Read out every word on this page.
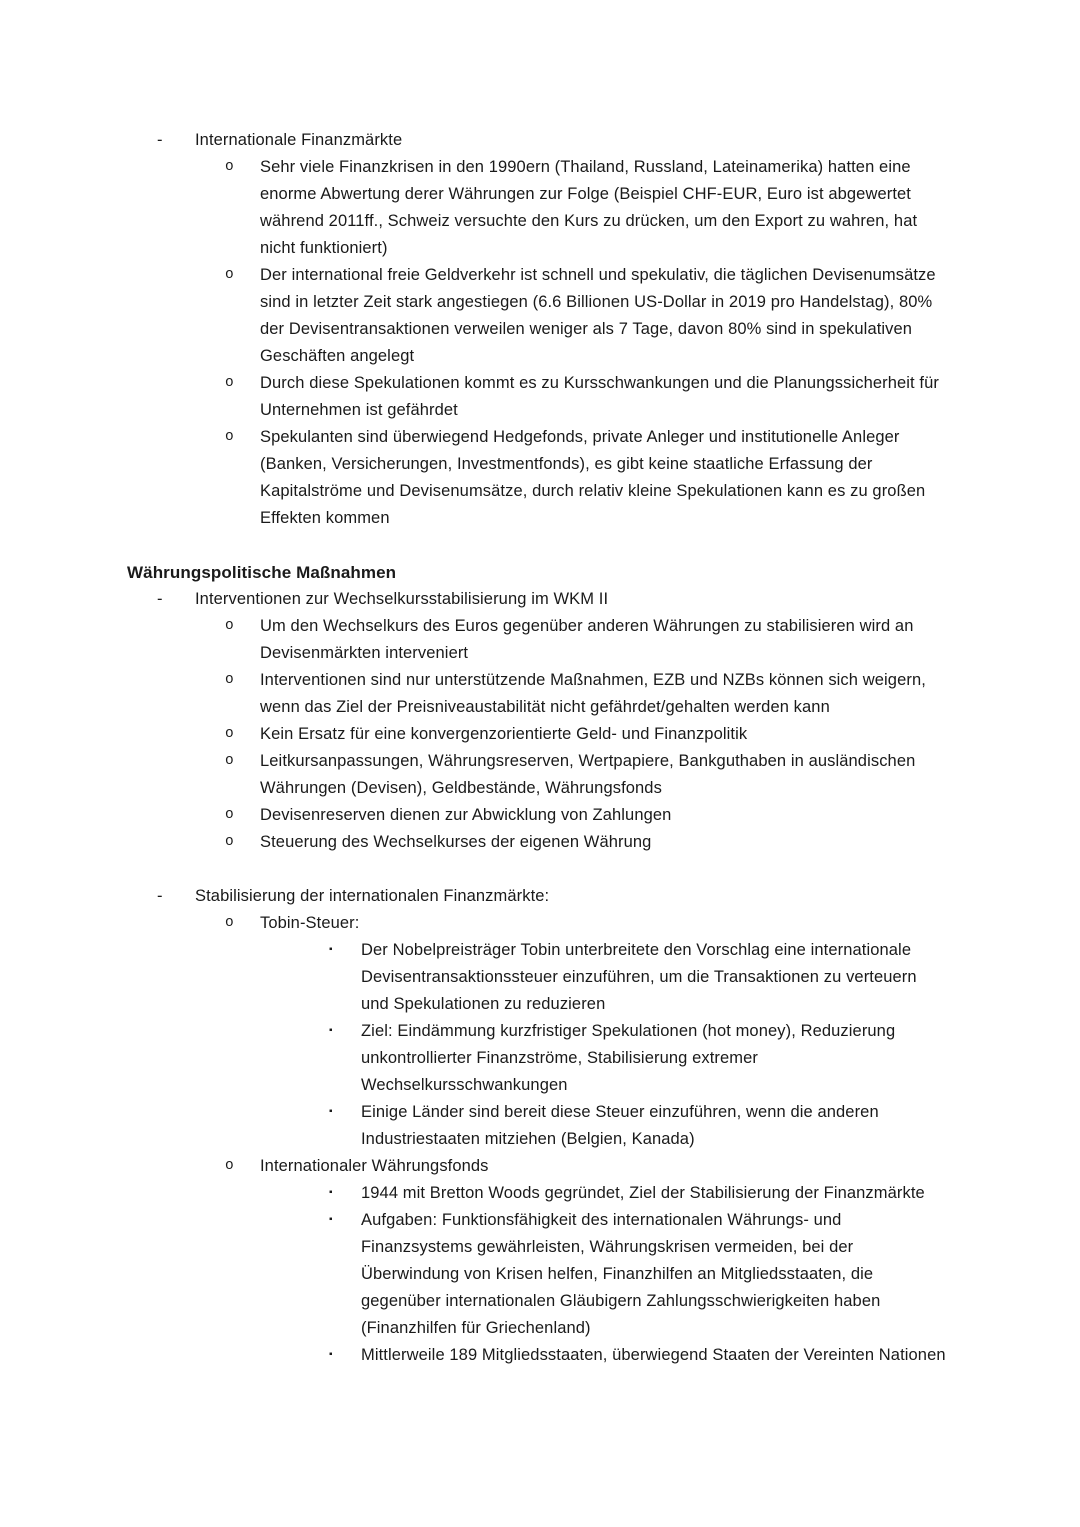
- Internationale Finanzmärkte
o Sehr viele Finanzkrisen in den 1990ern (Thailand, Russland, Lateinamerika) hatten eine enorme Abwertung derer Währungen zur Folge (Beispiel CHF-EUR, Euro ist abgewertet während 2011ff., Schweiz versuchte den Kurs zu drücken, um den Export zu wahren, hat nicht funktioniert)
o Der international freie Geldverkehr ist schnell und spekulativ, die täglichen Devisenumsätze sind in letzter Zeit stark angestiegen (6.6 Billionen US-Dollar in 2019 pro Handelstag), 80% der Devisentransaktionen verweilen weniger als 7 Tage, davon 80% sind in spekulativen Geschäften angelegt
o Durch diese Spekulationen kommt es zu Kursschwankungen und die Planungssicherheit für Unternehmen ist gefährdet
o Spekulanten sind überwiegend Hedgefonds, private Anleger und institutionelle Anleger (Banken, Versicherungen, Investmentfonds), es gibt keine staatliche Erfassung der Kapitalströme und Devisenumsätze, durch relativ kleine Spekulationen kann es zu großen Effekten kommen
Währungspolitische Maßnahmen
- Interventionen zur Wechselkursstabilisierung im WKM II
o Um den Wechselkurs des Euros gegenüber anderen Währungen zu stabilisieren wird an Devisenmärkten interveniert
o Interventionen sind nur unterstützende Maßnahmen, EZB und NZBs können sich weigern, wenn das Ziel der Preisniveaustabilität nicht gefährdet/gehalten werden kann
o Kein Ersatz für eine konvergenzorientierte Geld- und Finanzpolitik
o Leitkursanpassungen, Währungsreserven, Wertpapiere, Bankguthaben in ausländischen Währungen (Devisen), Geldbestände, Währungsfonds
o Devisenreserven dienen zur Abwicklung von Zahlungen
o Steuerung des Wechselkurses der eigenen Währung
- Stabilisierung der internationalen Finanzmärkte:
o Tobin-Steuer:
▪ Der Nobelpreisträger Tobin unterbreitete den Vorschlag eine internationale Devisentransaktionssteuer einzuführen, um die Transaktionen zu verteuern und Spekulationen zu reduzieren
▪ Ziel: Eindämmung kurzfristiger Spekulationen (hot money), Reduzierung unkontrollierter Finanzströme, Stabilisierung extremer Wechselkursschwankungen
▪ Einige Länder sind bereit diese Steuer einzuführen, wenn die anderen Industriestaaten mitziehen (Belgien, Kanada)
o Internationaler Währungsfonds
▪ 1944 mit Bretton Woods gegründet, Ziel der Stabilisierung der Finanzmärkte
▪ Aufgaben: Funktionsfähigkeit des internationalen Währungs- und Finanzsystems gewährleisten, Währungskrisen vermeiden, bei der Überwindung von Krisen helfen, Finanzhilfen an Mitgliedsstaaten, die gegenüber internationalen Gläubigern Zahlungsschwierigkeiten haben (Finanzhilfen für Griechenland)
▪ Mittlerweile 189 Mitgliedsstaaten, überwiegend Staaten der Vereinten Nationen
